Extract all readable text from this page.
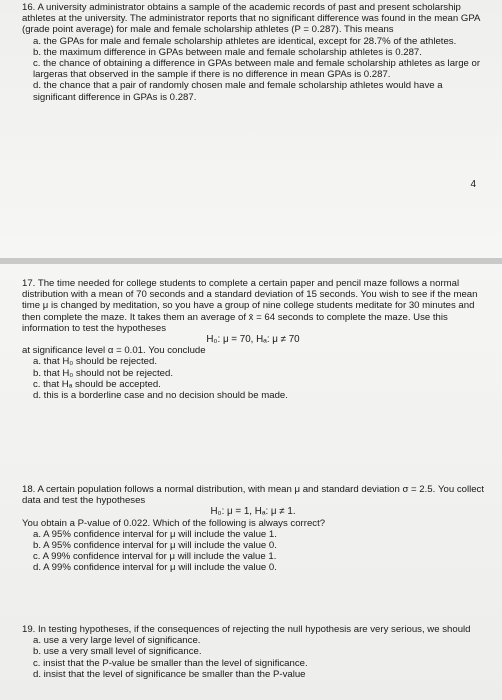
16. A university administrator obtains a sample of the academic records of past and present scholarship athletes at the university. The administrator reports that no significant difference was found in the mean GPA (grade point average) for male and female scholarship athletes (P = 0.287). This means

a. the GPAs for male and female scholarship athletes are identical, except for 28.7% of the athletes.

b. the maximum difference in GPAs between male and female scholarship athletes is 0.287.

c. the chance of obtaining a difference in GPAs between male and female scholarship athletes as large or largeras that observed in the sample if there is no difference in mean GPAs is 0.287.

d. the chance that a pair of randomly chosen male and female scholarship athletes would have a significant difference in GPAs is 0.287.

4

17. The time needed for college students to complete a certain paper and pencil maze follows a normal distribution with a mean of 70 seconds and a standard deviation of 15 seconds. You wish to see if the mean time μ is changed by meditation, so you have a group of nine college students meditate for 30 minutes and then complete the maze. It takes them an average of x̄ = 64 seconds to complete the maze. Use this information to test the hypotheses

H₀: μ = 70, Hₐ: μ ≠ 70

at significance level α = 0.01. You conclude

a. that H₀ should be rejected.

b. that H₀ should not be rejected.

c. that Hₐ should be accepted.

d. this is a borderline case and no decision should be made.

18. A certain population follows a normal distribution, with mean μ and standard deviation σ = 2.5. You collect data and test the hypotheses

H₀: μ = 1, Hₐ: μ ≠ 1.

You obtain a P-value of 0.022. Which of the following is always correct?

a. A 95% confidence interval for μ will include the value 1.

b. A 95% confidence interval for μ will include the value 0.

c. A 99% confidence interval for μ will include the value 1.

d. A 99% confidence interval for μ will include the value 0.

19. In testing hypotheses, if the consequences of rejecting the null hypothesis are very serious, we should

a. use a very large level of significance.

b. use a very small level of significance.

c. insist that the P-value be smaller than the level of significance.

d. insist that the level of significance be smaller than the P-value
